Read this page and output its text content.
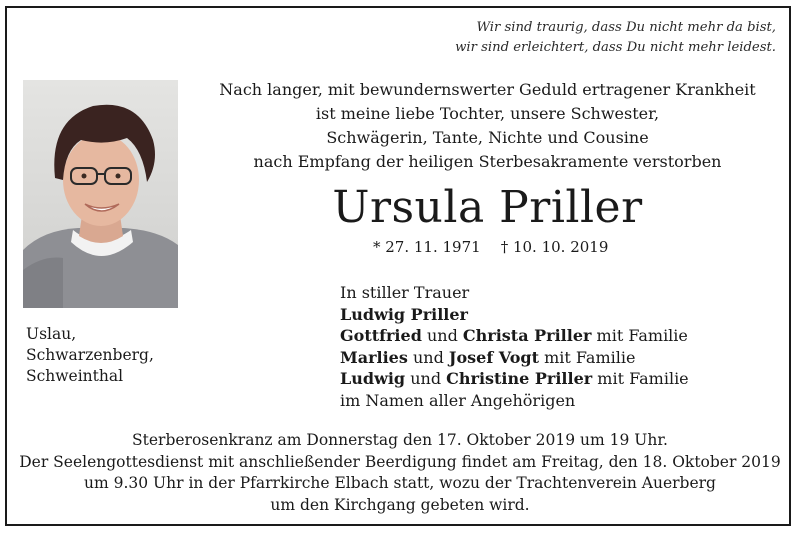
Wir sind traurig, dass Du nicht mehr da bist,
wir sind erleichtert, dass Du nicht mehr leidest.
Uslau,
Schwarzenberg,
Schweinthal
Nach langer, mit bewundernswerter Geduld ertragener Krankheit
ist meine liebe Tochter, unsere Schwester,
Schwägerin, Tante, Nichte und Cousine
nach Empfang der heiligen Sterbesakramente verstorben
Ursula Priller
* 27. 11. 1971 † 10. 10. 2019
In stiller Trauer
Ludwig Priller
Gottfried und Christa Priller mit Familie
Marlies und Josef Vogt mit Familie
Ludwig und Christine Priller mit Familie
im Namen aller Angehörigen
Sterberosenkranz am Donnerstag den 17. Oktober 2019 um 19 Uhr.
Der Seelengottesdienst mit anschließender Beerdigung findet am Freitag, den 18. Oktober 2019
um 9.30 Uhr in der Pfarrkirche Elbach statt, wozu der Trachtenverein Auerberg
um den Kirchgang gebeten wird.
